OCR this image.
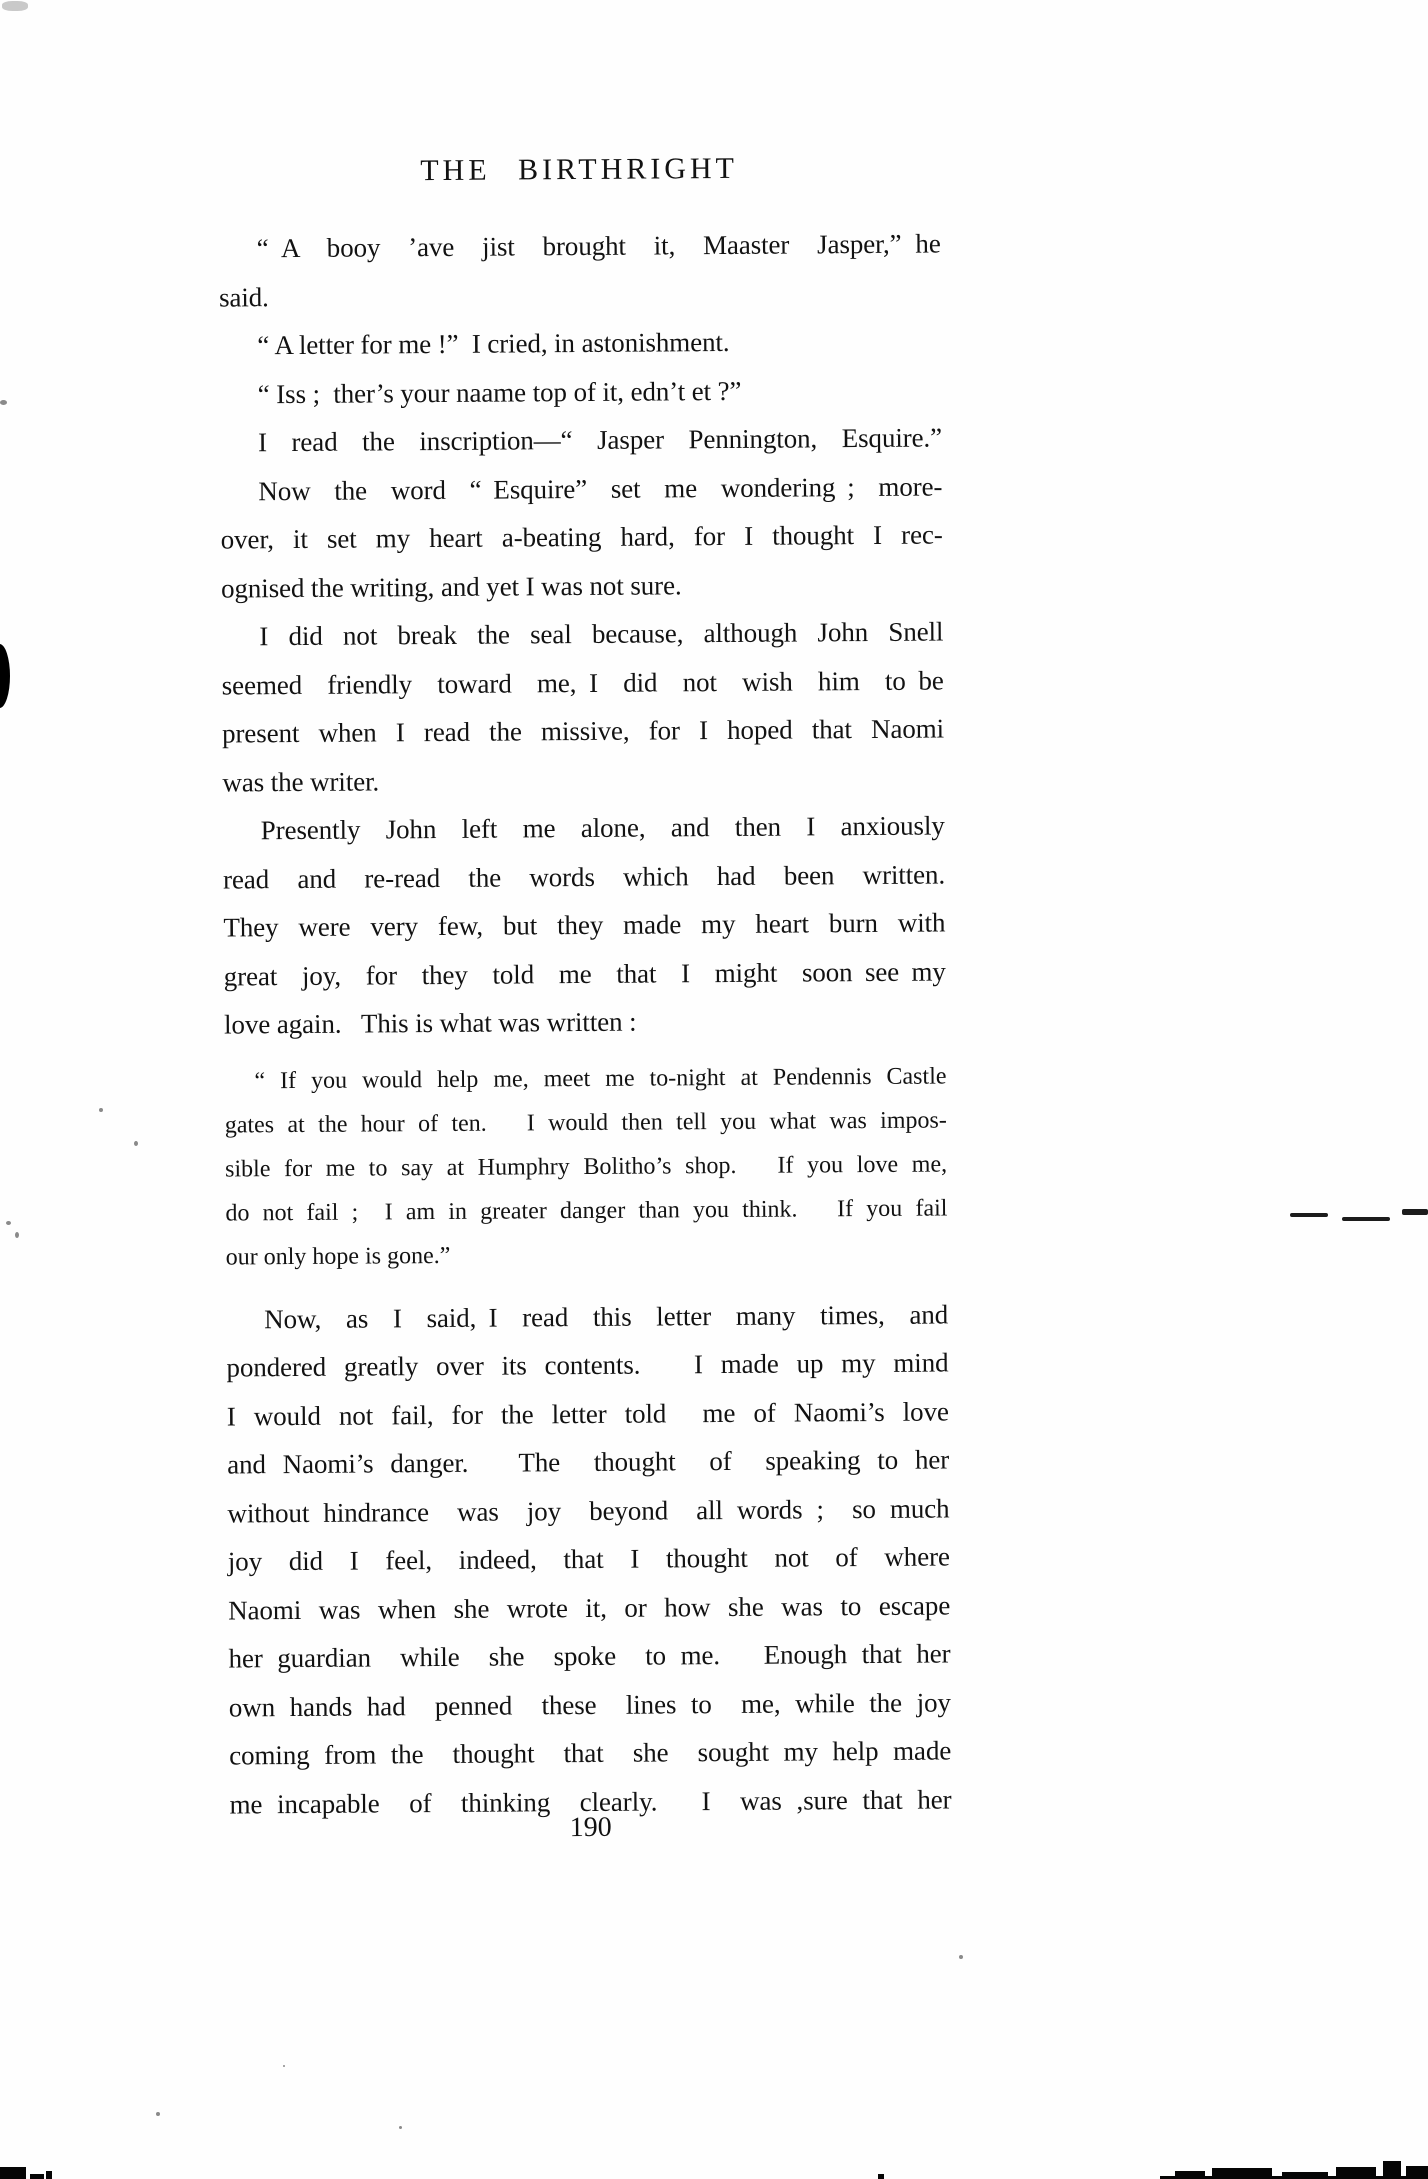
THE BIRTHRIGHT
“ A  booy  ’ave  jist  brought  it,  Maaster  Jasper,” he
said.
“ A letter for me !”  I cried, in astonishment.
“ Iss ;  ther’s your naame top of it, edn’t et ?”
I read the inscription—“ Jasper Pennington, Esquire.”
Now  the  word  “ Esquire”  set  me  wondering ;  more-
over, it set my heart a-beating hard, for I thought I rec-
ognised the writing, and yet I was not sure.
I did not break the seal because, although John Snell
seemed  friendly  toward  me, I  did  not  wish  him  to be
present when I read the missive, for I hoped that Naomi
was the writer.
Presently  John  left  me  alone,  and  then  I  anxiously
read  and  re-read  the  words  which  had  been  written.
They were very few, but they made my heart burn with
great  joy,  for  they  told  me  that  I  might  soon see my
love again.   This is what was written :
“ If you would help me, meet me to-night at Pendennis Castle
gates at the hour of ten.   I would then tell you what was impos-
sible for me to say at Humphry Bolitho’s shop.   If you love me,
do not fail ;  I am in greater danger than you think.   If you fail
our only hope is gone.”
Now,  as  I  said, I  read  this  letter  many  times,  and
pondered greatly over its contents.   I made up my mind
I would not fail, for the letter told  me of Naomi’s love
and Naomi’s danger.   The  thought  of  speaking to her
without hindrance  was  joy  beyond  all words ;  so much
joy  did  I  feel,  indeed,  that  I  thought  not  of  where
Naomi was when she wrote it, or how she was to escape
her guardian  while  she  spoke  to me.   Enough that her
own hands had  penned  these  lines to  me, while the joy
coming from the  thought  that  she  sought my help made
me incapable  of  thinking  clearly.   I  was ,sure that her
190
